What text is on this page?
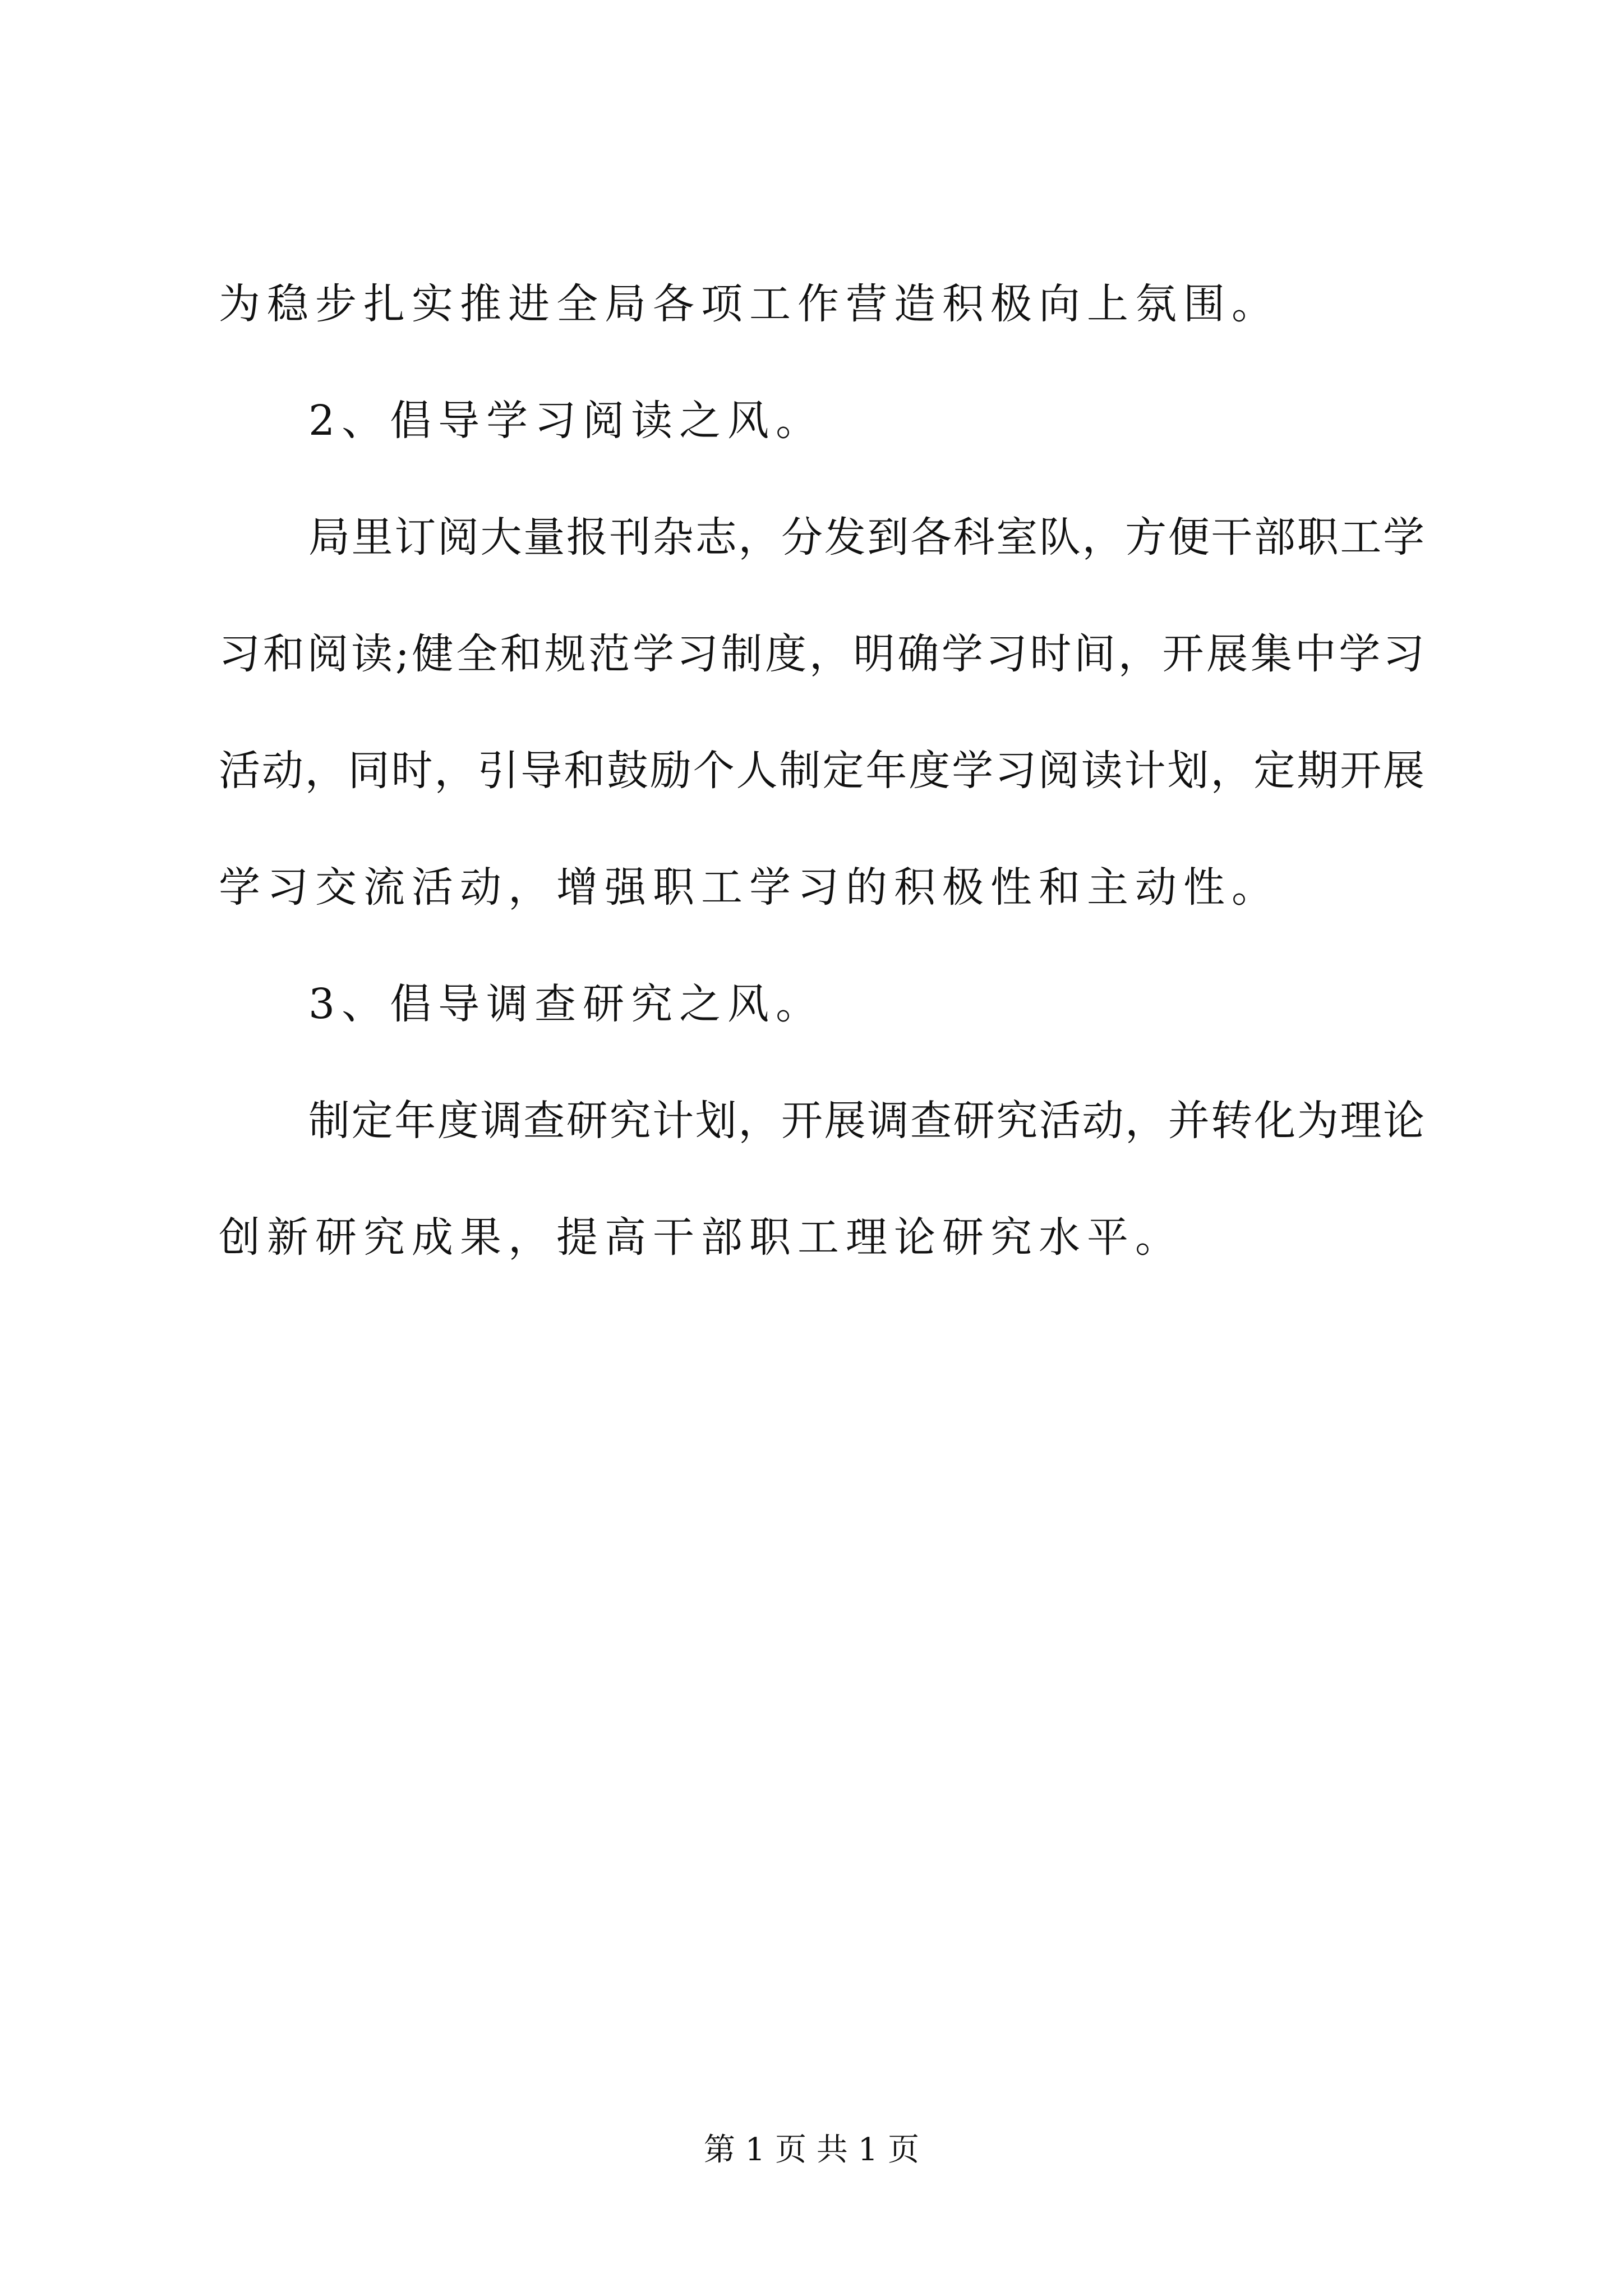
为稳步扎实推进全局各项工作营造积极向上氛围。
2、倡导学习阅读之风。
局里订阅大量报刊杂志，分发到各科室队，方便干部职工学
习和阅读;健全和规范学习制度，明确学习时间，开展集中学习
活动，同时，引导和鼓励个人制定年度学习阅读计划，定期开展
学习交流活动，增强职工学习的积极性和主动性。
3、倡导调查研究之风。
制定年度调查研究计划，开展调查研究活动，并转化为理论
创新研究成果，提高干部职工理论研究水平。
第 1 页 共 1 页
